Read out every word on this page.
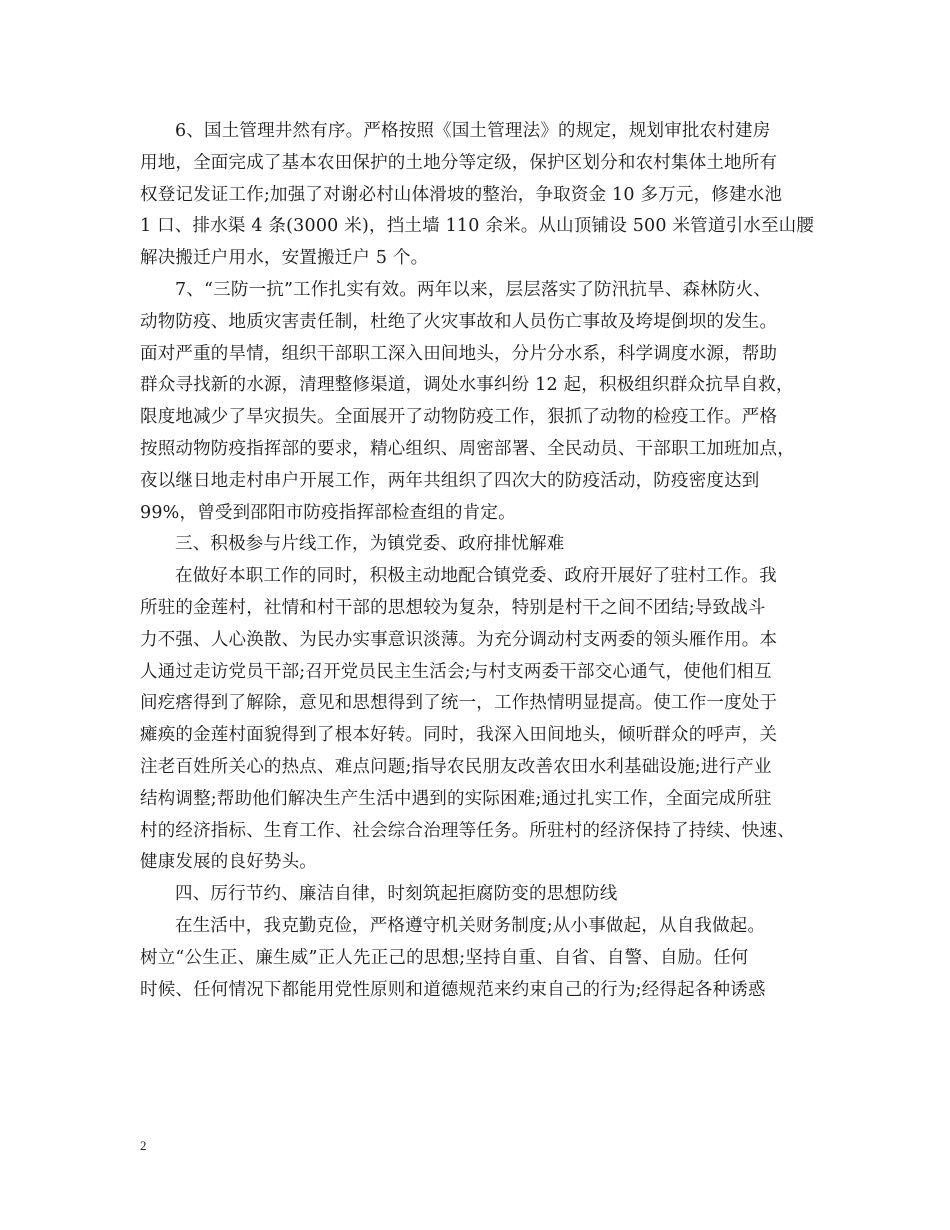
6、国土管理井然有序。严格按照《国土管理法》的规定，规划审批农村建房
用地，全面完成了基本农田保护的土地分等定级，保护区划分和农村集体土地所有
权登记发证工作;加强了对谢必村山体滑坡的整治，争取资金 10 多万元，修建水池
1 口、排水渠 4 条(3000 米)，挡土墙 110 余米。从山顶铺设 500 米管道引水至山腰
解决搬迁户用水，安置搬迁户 5 个。

7、“三防一抗”工作扎实有效。两年以来，层层落实了防汛抗旱、森林防火、
动物防疫、地质灾害责任制，杜绝了火灾事故和人员伤亡事故及垮堤倒坝的发生。
面对严重的旱情，组织干部职工深入田间地头，分片分水系，科学调度水源，帮助
群众寻找新的水源，清理整修渠道，调处水事纠纷 12 起，积极组织群众抗旱自救，
限度地减少了旱灾损失。全面展开了动物防疫工作，狠抓了动物的检疫工作。严格
按照动物防疫指挥部的要求，精心组织、周密部署、全民动员、干部职工加班加点，
夜以继日地走村串户开展工作，两年共组织了四次大的防疫活动，防疫密度达到
99%，曾受到邵阳市防疫指挥部检查组的肯定。

三、积极参与片线工作，为镇党委、政府排忧解难

在做好本职工作的同时，积极主动地配合镇党委、政府开展好了驻村工作。我
所驻的金莲村，社情和村干部的思想较为复杂，特别是村干之间不团结;导致战斗
力不强、人心涣散、为民办实事意识淡薄。为充分调动村支两委的领头雁作用。本
人通过走访党员干部;召开党员民主生活会;与村支两委干部交心通气，使他们相互
间疙瘩得到了解除，意见和思想得到了统一，工作热情明显提高。使工作一度处于
瘫痪的金莲村面貌得到了根本好转。同时，我深入田间地头，倾听群众的呼声，关
注老百姓所关心的热点、难点问题;指导农民朋友改善农田水利基础设施;进行产业
结构调整;帮助他们解决生产生活中遇到的实际困难;通过扎实工作，全面完成所驻
村的经济指标、生育工作、社会综合治理等任务。所驻村的经济保持了持续、快速、
健康发展的良好势头。

四、厉行节约、廉洁自律，时刻筑起拒腐防变的思想防线

在生活中，我克勤克俭，严格遵守机关财务制度;从小事做起，从自我做起。
树立“公生正、廉生威”正人先正己的思想;坚持自重、自省、自警、自励。任何
时候、任何情况下都能用党性原则和道德规范来约束自己的行为;经得起各种诱惑

2
